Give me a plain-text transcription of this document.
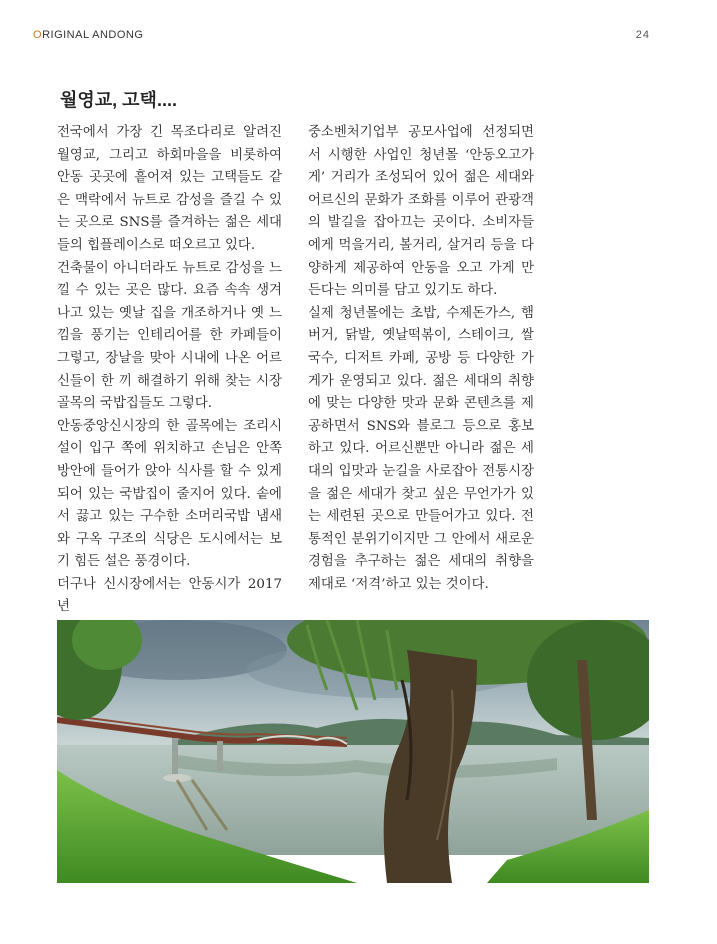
ORIGINAL ANDONG	24
월영교, 고택....

전국에서 가장 긴 목조다리로 알려진 월영교, 그리고 하회마을을 비롯하여 안동 곳곳에 흩어져 있는 고택들도 같은 맥락에서 뉴트로 감성을 즐길 수 있는 곳으로 SNS를 즐겨하는 젊은 세대들의 힙플레이스로 떠오르고 있다.

건축물이 아니더라도 뉴트로 감성을 느낄 수 있는 곳은 많다. 요즘 속속 생겨나고 있는 옛날 집을 개조하거나 옛 느낌을 풍기는 인테리어를 한 카페들이 그렇고, 장날을 맞아 시내에 나온 어르신들이 한 끼 해결하기 위해 찾는 시장골목의 국밥집들도 그렇다.

안동중앙신시장의 한 골목에는 조리시설이 입구 쪽에 위치하고 손님은 안쪽 방안에 들어가 앉아 식사를 할 수 있게 되어 있는 국밥집이 줄지어 있다. 솥에서 끓고 있는 구수한 소머리국밥 냄새와 구옥 구조의 식당은 도시에서는 보기 힘든 설은 풍경이다.

더구나 신시장에서는 안동시가 2017년

중소벤처기업부 공모사업에 선정되면서 시행한 사업인 청년몰 ‘안동오고가게’ 거리가 조성되어 있어 젊은 세대와 어르신의 문화가 조화를 이루어 관광객의 발길을 잡아끄는 곳이다. 소비자들에게 먹을거리, 볼거리, 살거리 등을 다양하게 제공하여 안동을 오고 가게 만든다는 의미를 담고 있기도 하다.

실제 청년몰에는 초밥, 수제돈가스, 햄버거, 닭발, 옛날떡볶이, 스테이크, 쌀국수, 디저트 카페, 공방 등 다양한 가게가 운영되고 있다. 젊은 세대의 취향에 맞는 다양한 맛과 문화 콘텐츠를 제공하면서 SNS와 블로그 등으로 홍보하고 있다. 어르신뿐만 아니라 젊은 세대의 입맛과 눈길을 사로잡아 전통시장을 젊은 세대가 찾고 싶은 무언가가 있는 세련된 곳으로 만들어가고 있다. 전통적인 분위기이지만 그 안에서 새로운 경험을 추구하는 젊은 세대의 취향을 제대로 ‘저격’하고 있는 것이다.
